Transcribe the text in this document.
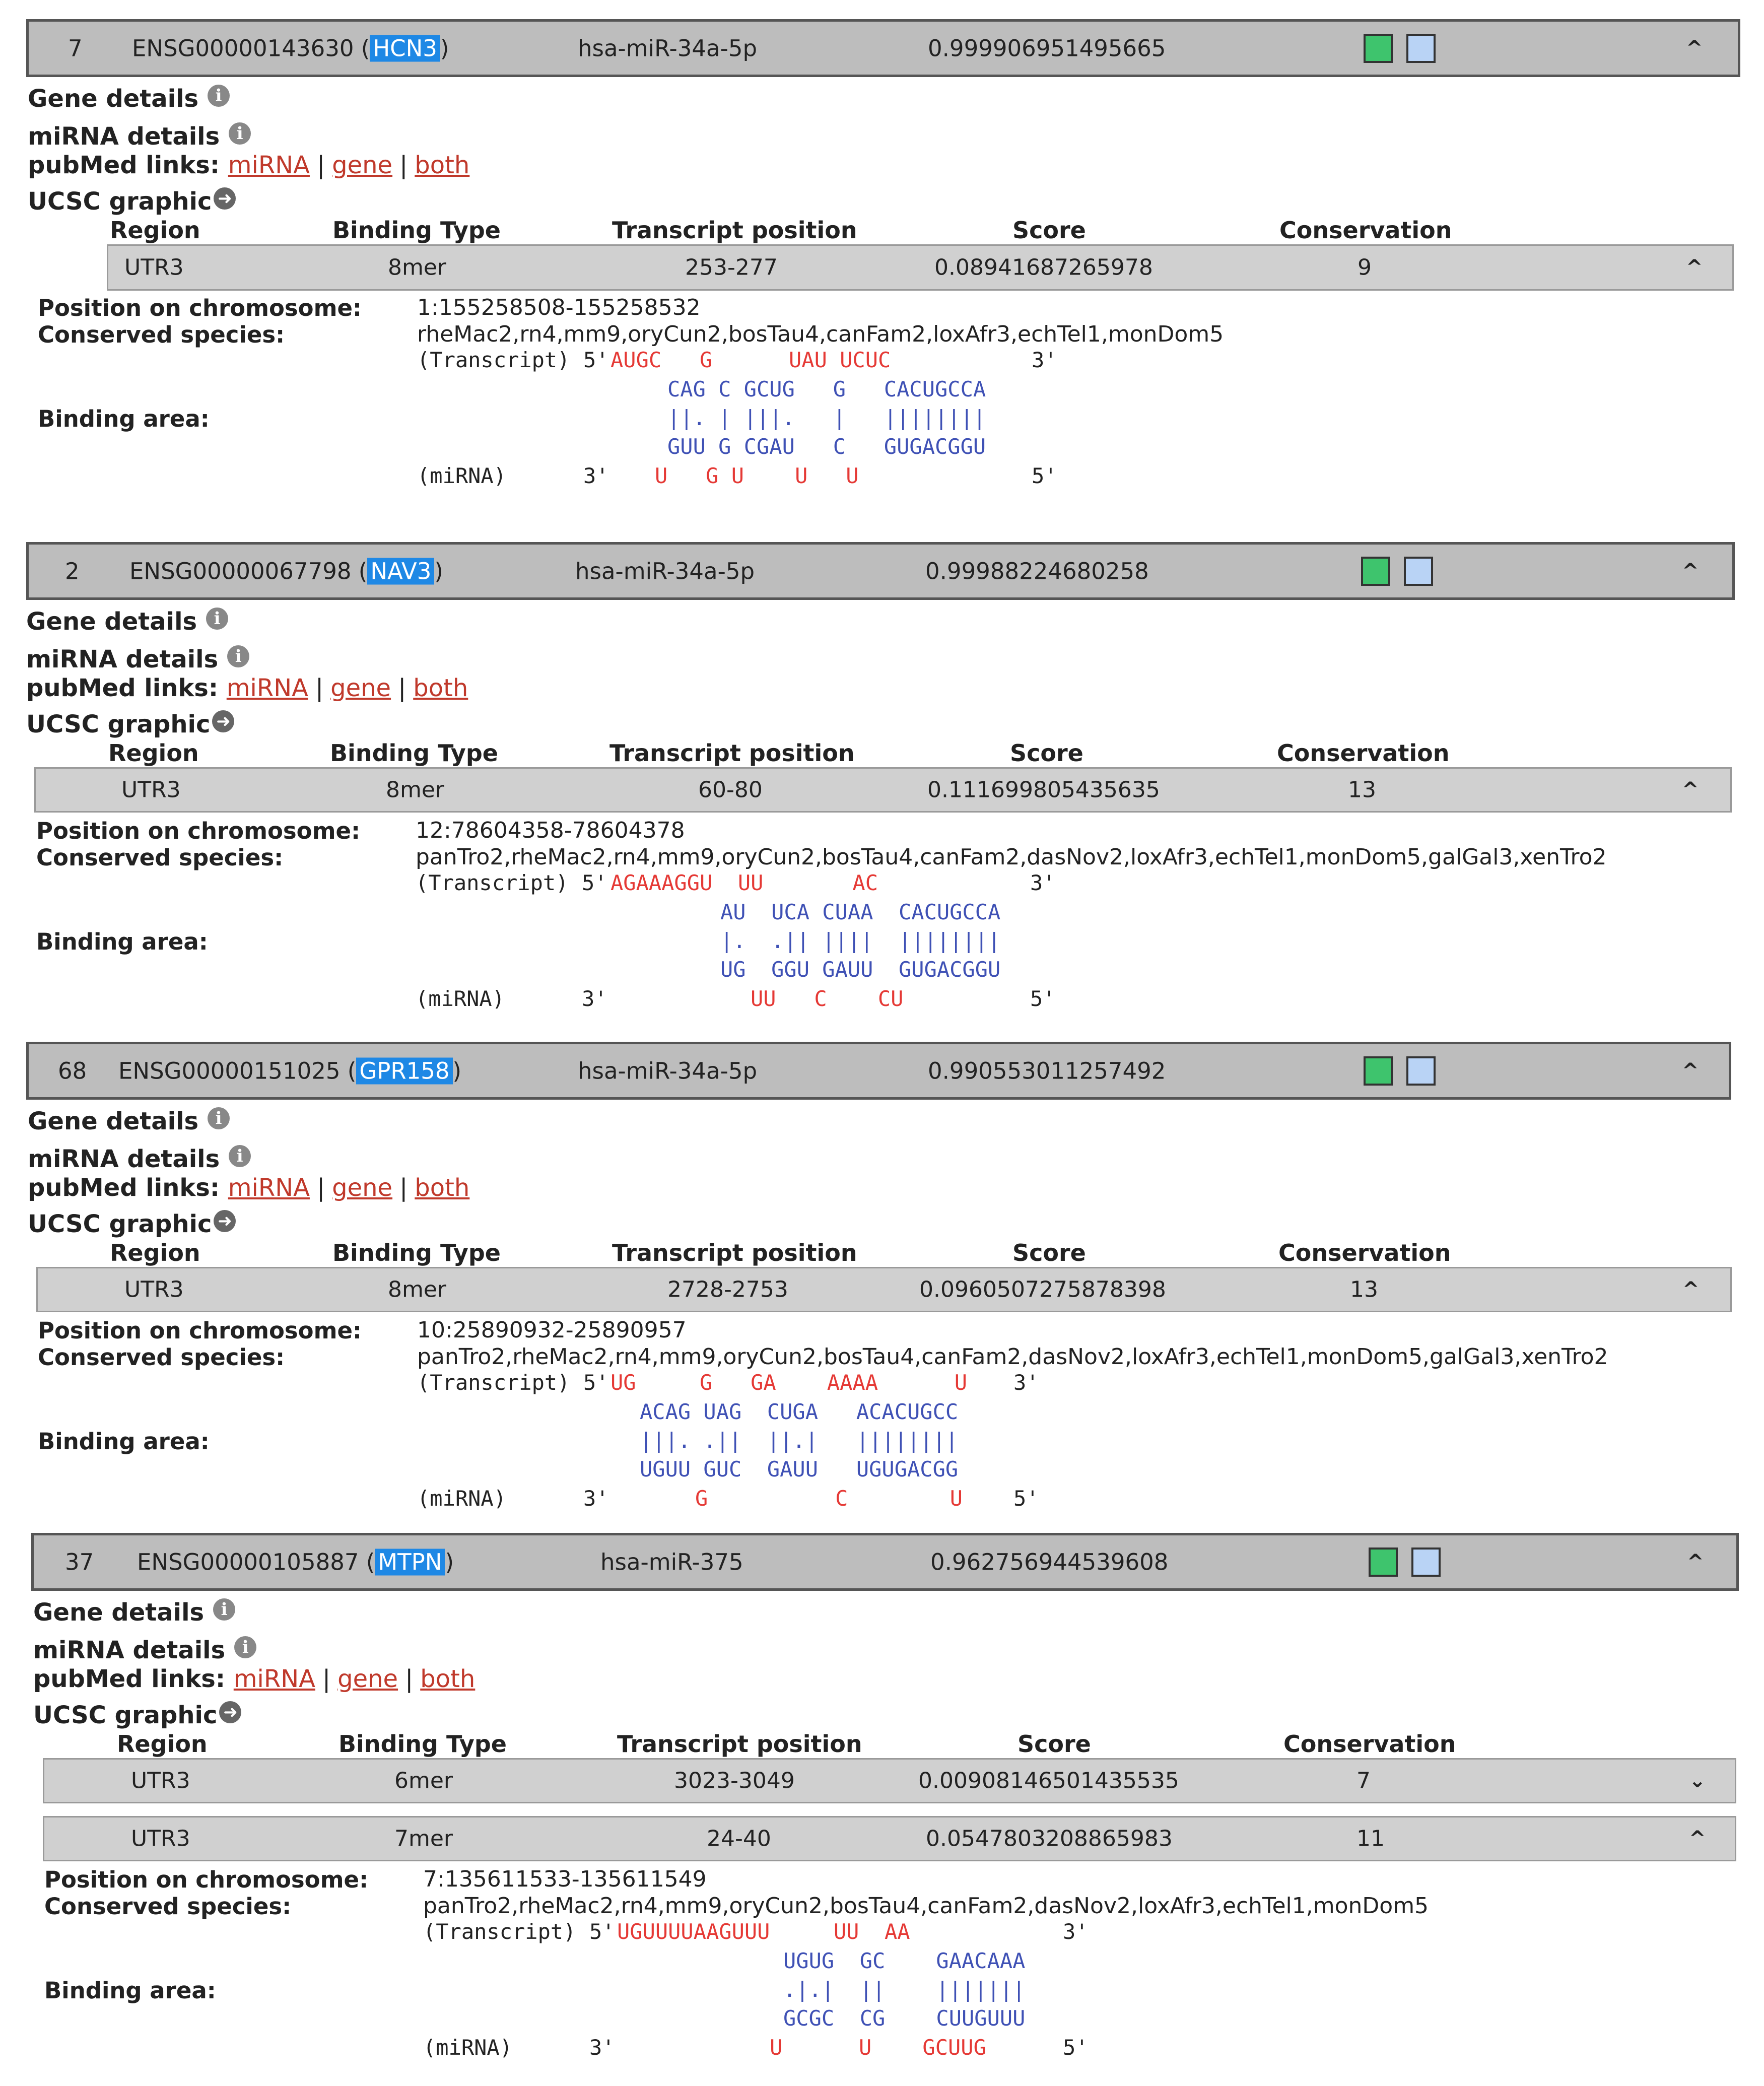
7 ENSG00000143630 ( HCN3 )	hsa-miR-34a-5p	0.999906951495665	^
Gene details i
miRNA details i
pubMed links: miRNA | gene | both
UCSC graphic ➜
Region	Binding Type	Transcript position	Score	Conservation
UTR3	8mer	253-277	0.08941687265978	9	^
Position on chromosome: 1:155258508-155258532
Conserved species:	rheMac2,rn4,mm9,oryCun2,bosTau4,canFam2,loxAfr3,echTel1,monDom5
(Transcript) 5' AUGC   G      UAU UCUC	3'
CAG C GCUG   G   CACUGCCA
||. | |||.   |   ||||||||
GUU G CGAU   C   GUGACGGU
Binding area:
(miRNA)	3' U   G U    U   U	5'
2 ENSG00000067798 ( NAV3 )	hsa-miR-34a-5p	0.99988224680258	^
Gene details i
miRNA details i
pubMed links: miRNA | gene | both
UCSC graphic ➜
Region	Binding Type	Transcript position	Score	Conservation
UTR3	8mer	60-80	0.111699805435635	13	^
Position on chromosome: 12:78604358-78604378
Conserved species:	panTro2,rheMac2,rn4,mm9,oryCun2,bosTau4,canFam2,dasNov2,loxAfr3,echTel1,monDom5,galGal3,xenTro2
(Transcript) 5' AGAAAGGU  UU       AC	3'
AU  UCA CUAA  CACUGCCA
|.  .|| ||||  ||||||||
UG  GGU GAUU  GUGACGGU
Binding area:
(miRNA)	3'	UU   C    CU	5'
68 ENSG00000151025 ( GPR158 )	hsa-miR-34a-5p	0.990553011257492	^
Gene details i
miRNA details i
pubMed links: miRNA | gene | both
UCSC graphic ➜
Region	Binding Type	Transcript position	Score	Conservation
UTR3	8mer	2728-2753	0.0960507275878398	13	^
Position on chromosome: 10:25890932-25890957
Conserved species:	panTro2,rheMac2,rn4,mm9,oryCun2,bosTau4,canFam2,dasNov2,loxAfr3,echTel1,monDom5,galGal3,xenTro2
(Transcript) 5' UG     G   GA    AAAA      U 3'
ACAG UAG  CUGA   ACACUGCC
|||. .||  ||.|   ||||||||
UGUU GUC  GAUU   UGUGACGG
Binding area:
(miRNA)	3'	G          C        U 5'
37 ENSG00000105887 ( MTPN )	hsa-miR-375	0.962756944539608	^
Gene details i
miRNA details i
pubMed links: miRNA | gene | both
UCSC graphic ➜
Region	Binding Type	Transcript position	Score	Conservation
UTR3	6mer	3023-3049	0.00908146501435535	7	⌄
UTR3	7mer	24-40	0.0547803208865983	11	^
Position on chromosome: 7:135611533-135611549
Conserved species:	panTro2,rheMac2,rn4,mm9,oryCun2,bosTau4,canFam2,dasNov2,loxAfr3,echTel1,monDom5
(Transcript) 5' UGUUUUAAGUUU     UU  AA	3'
UGUG  GC    GAACAAA
.|.|  ||    |||||||
GCGC  CG    CUUGUUU
Binding area:
(miRNA)	3'	U      U    GCUUG	5'
